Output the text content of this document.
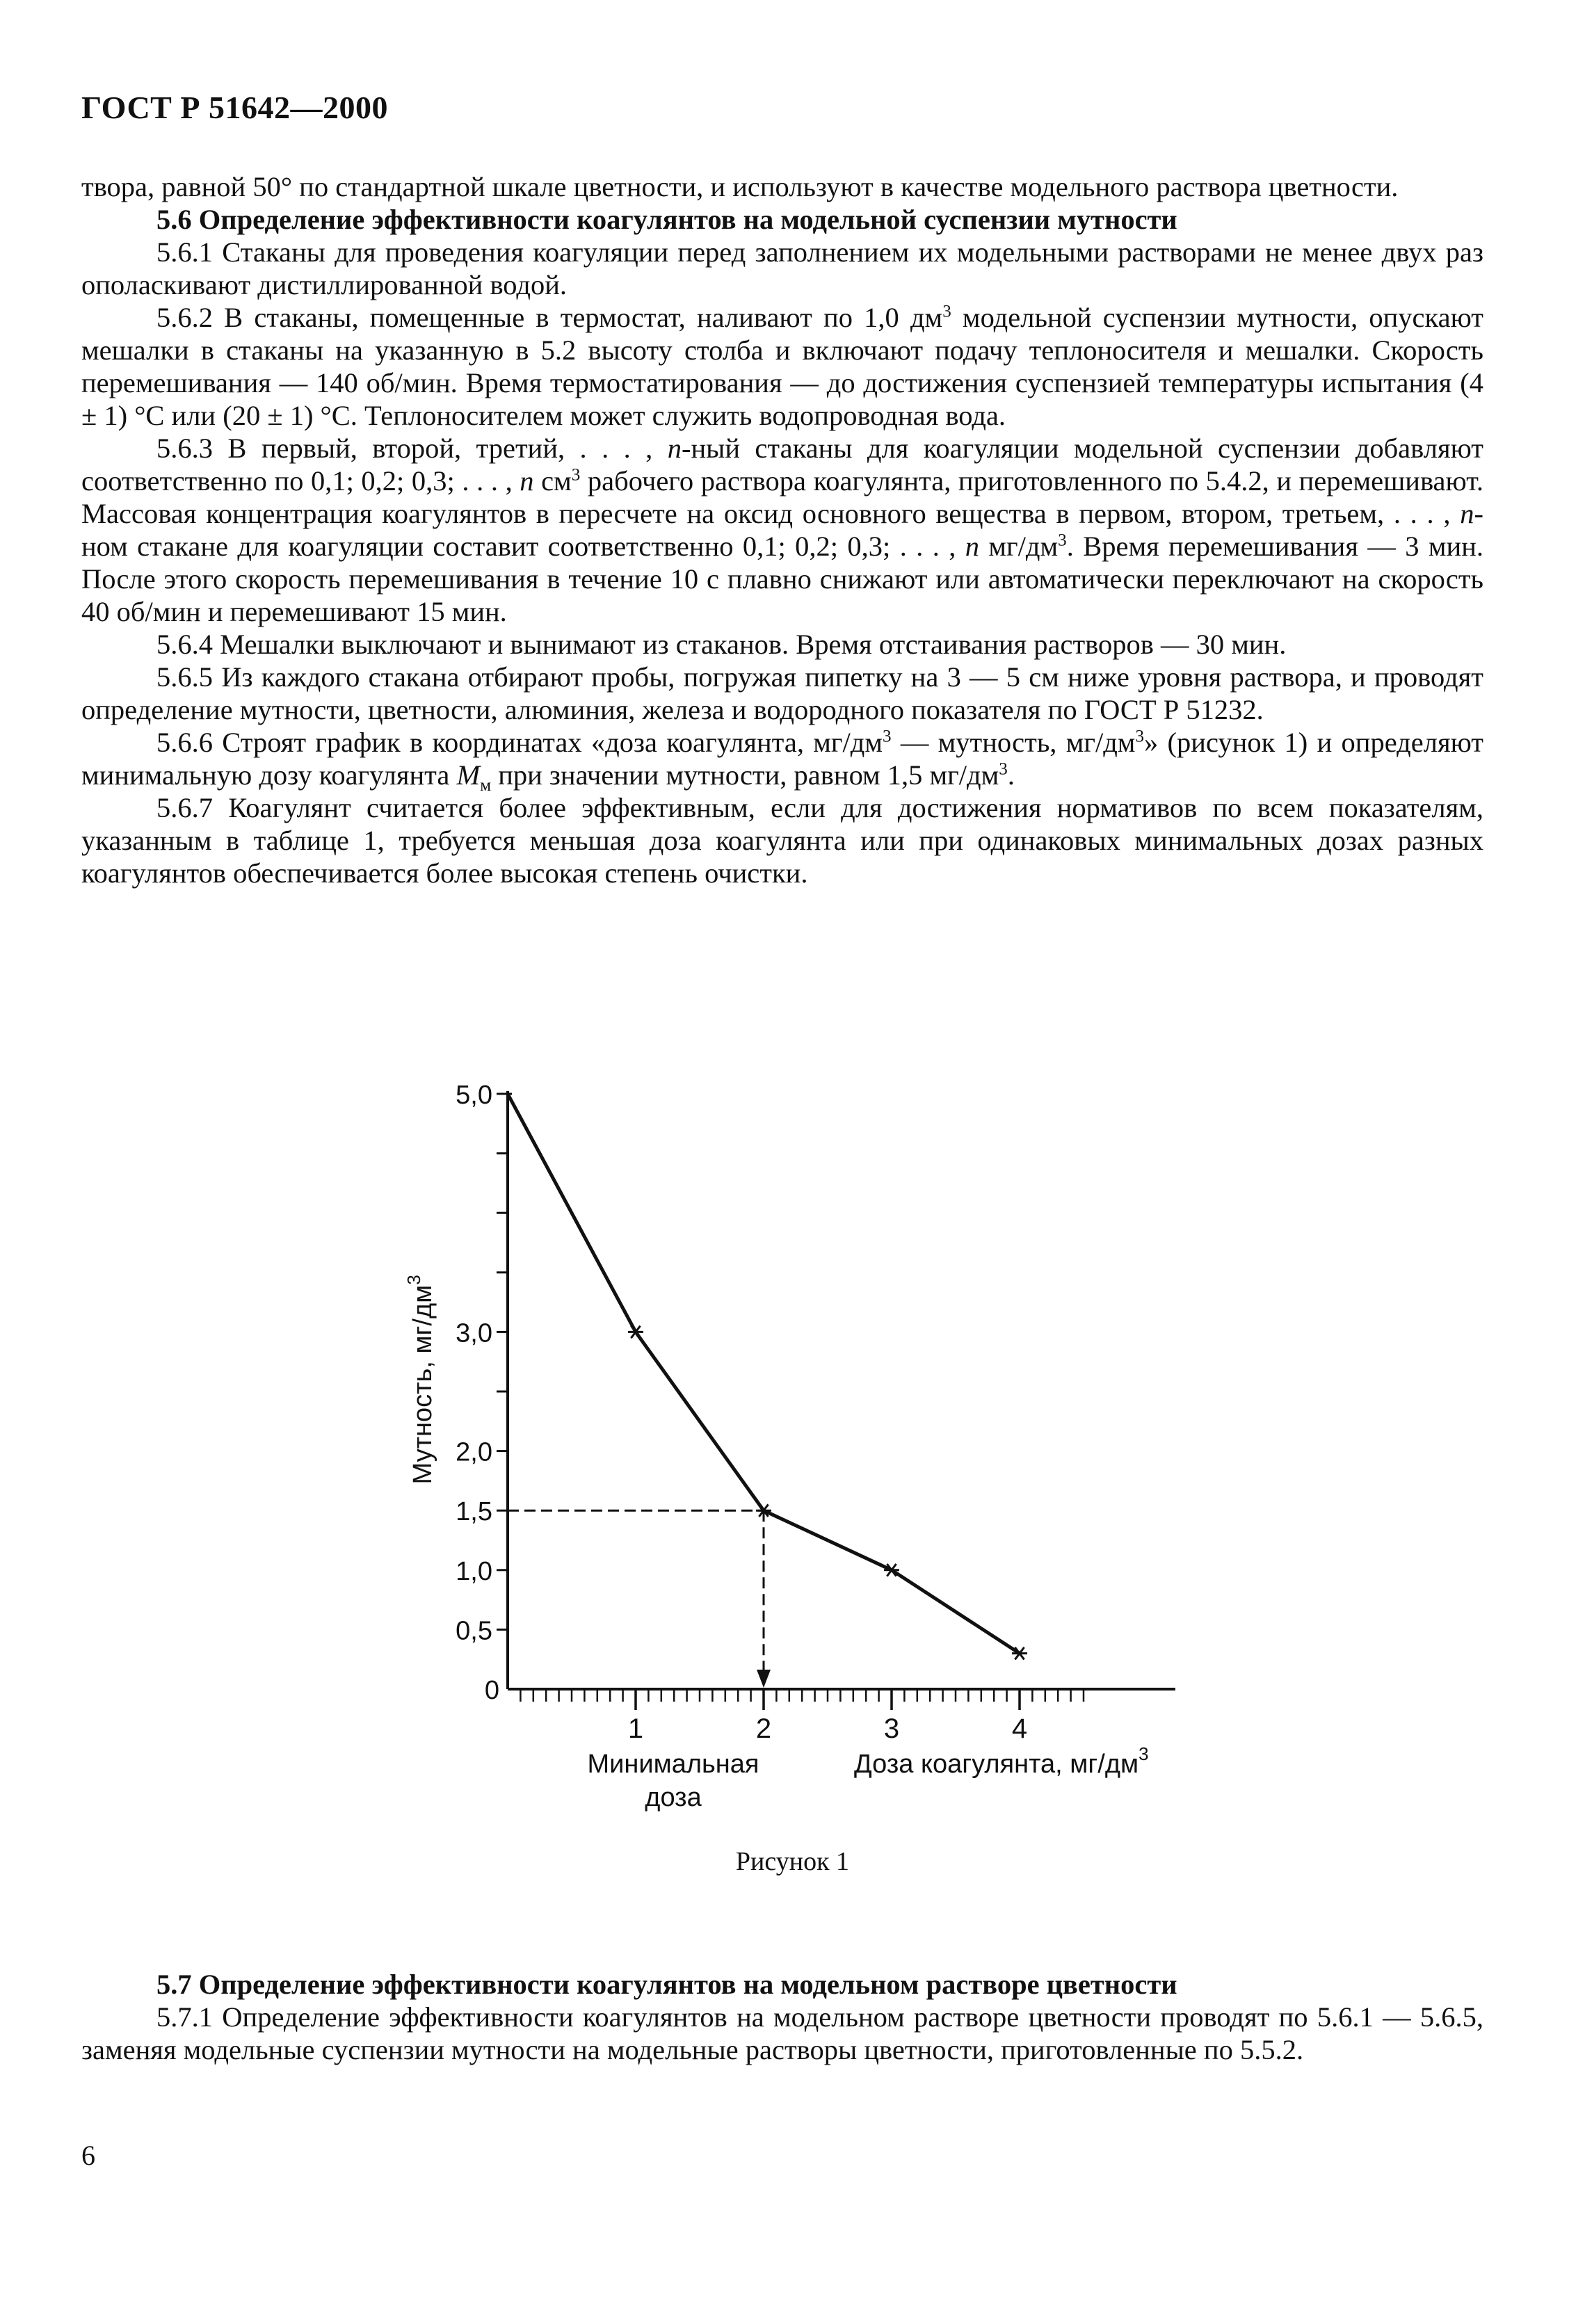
ГОСТ Р 51642—2000

твора, равной 50° по стандартной шкале цветности, и используют в качестве модельного раствора цветности.

5.6 Определение эффективности коагулянтов на модельной суспензии мутности

5.6.1 Стаканы для проведения коагуляции перед заполнением их модельными растворами не менее двух раз ополаскивают дистиллированной водой.

5.6.2 В стаканы, помещенные в термостат, наливают по 1,0 $дм^3$ модельной суспензии мутности, опускают мешалки в стаканы на указанную в 5.2 высоту столба и включают подачу теплоносителя и мешалки. Скорость перемешивания — 140 об/мин. Время термостатирования — до достижения суспензией температуры испытания (4 ± 1) °С или (20 ± 1) °С. Теплоносителем может служить водопроводная вода.

5.6.3 В первый, второй, третий, . . . , n-ный стаканы для коагуляции модельной суспензии добавляют соответственно по 0,1; 0,2; 0,3; . . . , n $см^3$ рабочего раствора коагулянта, приготовленного по 5.4.2, и перемешивают. Массовая концентрация коагулянтов в пересчете на оксид основного вещества в первом, втором, третьем, . . . , n-ном стакане для коагуляции составит соответственно 0,1; 0,2; 0,3; . . . , n $мг/дм^3$. Время перемешивания — 3 мин. После этого скорость перемешивания в течение 10 с плавно снижают или автоматически переключают на скорость 40 об/мин и перемешивают 15 мин.

5.6.4 Мешалки выключают и вынимают из стаканов. Время отстаивания растворов — 30 мин.

5.6.5 Из каждого стакана отбирают пробы, погружая пипетку на 3 — 5 см ниже уровня раствора, и проводят определение мутности, цветности, алюминия, железа и водородного показателя по ГОСТ Р 51232.

5.6.6 Строят график в координатах «доза коагулянта, $мг/дм^3$ — мутность, $мг/дм^3$» (рисунок 1) и определяют минимальную дозу коагулянта $M_м$ при значении мутности, равном 1,5 $мг/дм^3$.

5.6.7 Коагулянт считается более эффективным, если для достижения нормативов по всем показателям, указанным в таблице 1, требуется меньшая доза коагулянта или при одинаковых минимальных дозах разных коагулянтов обеспечивается более высокая степень очистки.

0
0,5
1,0
1,5
2,0
3,0
5,0
1	2	3	4
Мутность, $мг/дм^3$
Минимальная
доза
Доза коагулянта, $мг/дм^3$
Рисунок 1

5.7 Определение эффективности коагулянтов на модельном растворе цветности

5.7.1 Определение эффективности коагулянтов на модельном растворе цветности проводят по 5.6.1 — 5.6.5, заменяя модельные суспензии мутности на модельные растворы цветности, приготовленные по 5.5.2.

6
